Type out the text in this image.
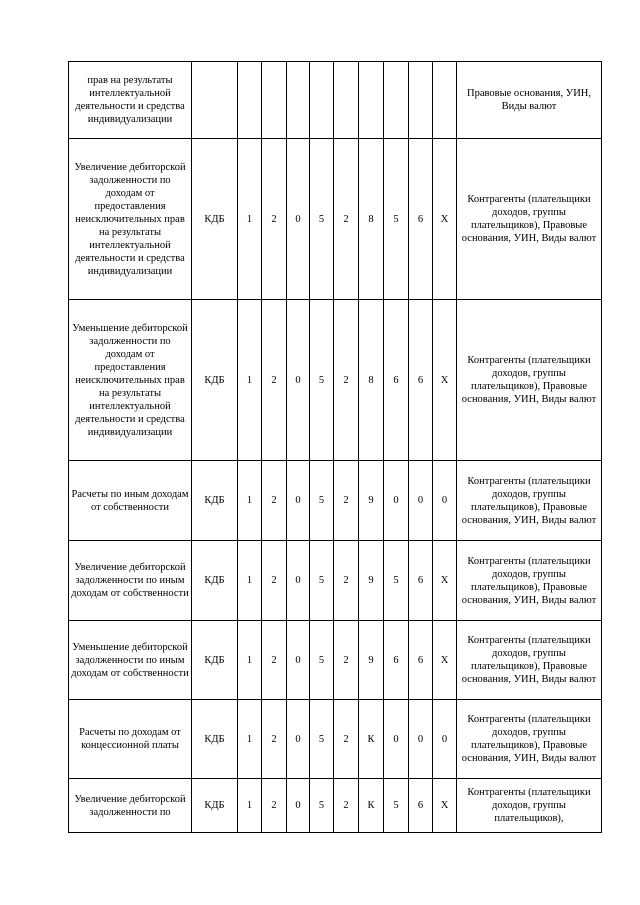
прав на результаты интеллектуальной деятельности и средства индивидуализации											Правовые основания, УИН, Виды валют
Увеличение дебиторской задолженности по доходам от предоставления неисключительных прав на результаты интеллектуальной деятельности и средства индивидуализации	КДБ	1	2	0	5	2	8	5	6	X	Контрагенты (плательщики доходов, группы плательщиков), Правовые основания, УИН, Виды валют
Уменьшение дебиторской задолженности по доходам от предоставления неисключительных прав на результаты интеллектуальной деятельности и средства индивидуализации	КДБ	1	2	0	5	2	8	6	6	X	Контрагенты (плательщики доходов, группы плательщиков), Правовые основания, УИН, Виды валют
Расчеты по иным доходам от собственности	КДБ	1	2	0	5	2	9	0	0	0	Контрагенты (плательщики доходов, группы плательщиков), Правовые основания, УИН, Виды валют
Увеличение дебиторской задолженности по иным доходам от собственности	КДБ	1	2	0	5	2	9	5	6	X	Контрагенты (плательщики доходов, группы плательщиков), Правовые основания, УИН, Виды валют
Уменьшение дебиторской задолженности по иным доходам от собственности	КДБ	1	2	0	5	2	9	6	6	X	Контрагенты (плательщики доходов, группы плательщиков), Правовые основания, УИН, Виды валют
Расчеты по доходам от концессионной платы	КДБ	1	2	0	5	2	К	0	0	0	Контрагенты (плательщики доходов, группы плательщиков), Правовые основания, УИН, Виды валют
Увеличение дебиторской задолженности по	КДБ	1	2	0	5	2	К	5	6	X	Контрагенты (плательщики доходов, группы плательщиков),
